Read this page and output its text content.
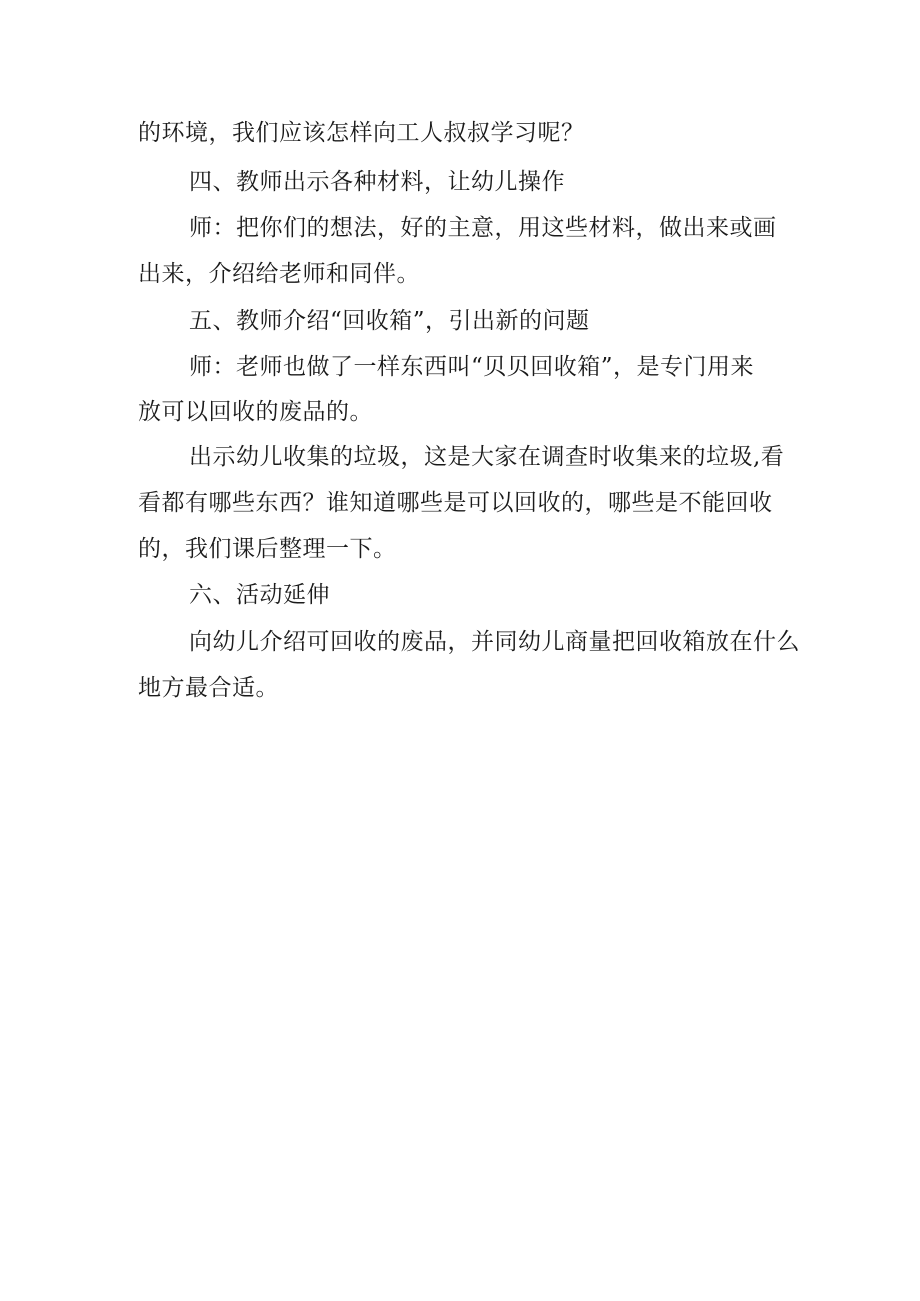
的环境，我们应该怎样向工人叔叔学习呢？
四、教师出示各种材料，让幼儿操作
师：把你们的想法，好的主意，用这些材料，做出来或画
出来，介绍给老师和同伴。
五、教师介绍“回收箱”，引出新的问题
师：老师也做了一样东西叫“贝贝回收箱”，是专门用来
放可以回收的废品的。
出示幼儿收集的垃圾，这是大家在调查时收集来的垃圾,看
看都有哪些东西？谁知道哪些是可以回收的，哪些是不能回收
的，我们课后整理一下。
六、活动延伸
向幼儿介绍可回收的废品，并同幼儿商量把回收箱放在什么
地方最合适。
